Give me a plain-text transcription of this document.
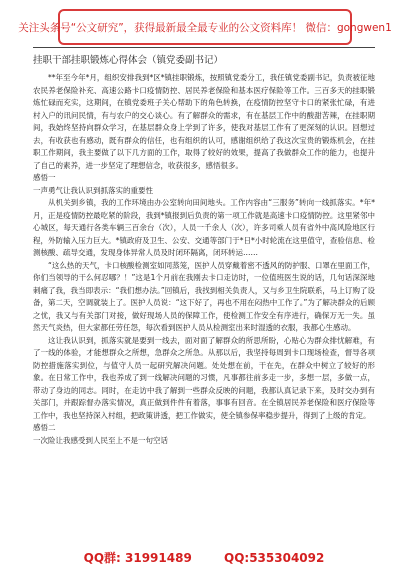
关注头条号“公文研究”，获得最新最全最专业的公文资料库！ 微信：gongwen1
挂职干部挂职锻炼心得体会（镇党委副书记）

**年至今年*月，组织安排我到*区*镇挂职锻炼，按照镇党委分工，我任镇党委副书记，负责被征地农民养老保险补充、高速公路卡口疫情防控、居民养老保险和基本医疗保险等工作。三百多天的挂职锻炼忙碌而充实，这期间，在镇党委班子关心帮助下的角色转换，在疫情防控坚守卡口的紧张忙碌，有进村入户的讯问民情，有与农户的交心谈心。有了解群众的需求，有在基层工作中的酸甜苦辣，在挂职期间，我始终坚持向群众学习，在基层群众身上学到了许多，使我对基层工作有了更深刻的认识。回想过去，有收获也有感动，既有群众的信任，也有组织的认可，感谢组织给了我这次宝贵的锻炼机会，在挂职工作期间，我主要做了以下几方面的工作，取得了较好的效果，提高了我做群众工作的能力，也提升了自己的素养，进一步坚定了理想信念，收获很多，感悟很多。

感悟一

一声勇气让我认识到抓落实的重要性

从机关到乡镇，我的工作环境由办公室转向田间地头。工作内容由“三服务”转向一线抓落实。*年*月，正是疫情防控最吃紧的阶段，我到*镇报到后负责的第一项工作就是高速卡口疫情防控。这里紧邻中心城区，每天通行各类车辆三百余台（次），人员一千余人（次），许多司乘人员有省外中高风险地区行程，外防输入压力巨大。*镇政府及卫生、公安、交通等部门于*日*小时轮流在这里值守，查验信息、检测核酸、疏导交通，发现身体异常人员及时闭环隔离，闭环转运……

“这么热的天气，卡口核酸检测室如同蒸笼，医护人员穿戴着密不透风的防护服、口罩在里面工作，你们当领导的干么何忍哪？！”这是1个月前在我刚去卡口走访时，一位值班医生说的话，几句话深深地刺痛了我，我当即表示：“我们想办法。”回镇后，我找到相关负责人，又与乡卫生院联系，马上订购了设备，第二天，空调就装上了。医护人员说：“这下好了，再也不用在闷热中工作了。”为了解决群众的后顾之忧，我又与有关部门对接，做好现场人员的保障工作，使检测工作安全有序进行，确保万无一失。虽然天气炎热，但大家都任劳任怨，每次看到医护人员从检测室出来时湿透的衣服，我都心生感动。

这让我认识到，抓落实就是要到一线去，面对面了解群众的所思所盼，心贴心为群众排忧解难，有了一线的体验，才能想群众之所想，急群众之所急。从那以后，我坚持每周到卡口现场检查，督导各项防控措施落实到位，与值守人员一起研究解决问题。处处想在前，干在先，在群众中树立了较好的形象。在日常工作中，我也养成了到一线解决问题的习惯，凡事都往前多走一步，多想一层，多做一点，带动了身边的同志。同时，在走访中我了解到一些群众反映的问题，我都认真记录下来，及时交办到有关部门，并跟踪督办落实情况，真正做到件件有着落，事事有回音。在全镇居民养老保险和医疗保险等工作中，我也坚持深入村组，把政策讲透，把工作做实，使全镇参保率稳步提升，得到了上级的肯定。

感悟二

一次险让我感受到人民至上不是一句空话

QQ群: 31991489	QQ:535304092
